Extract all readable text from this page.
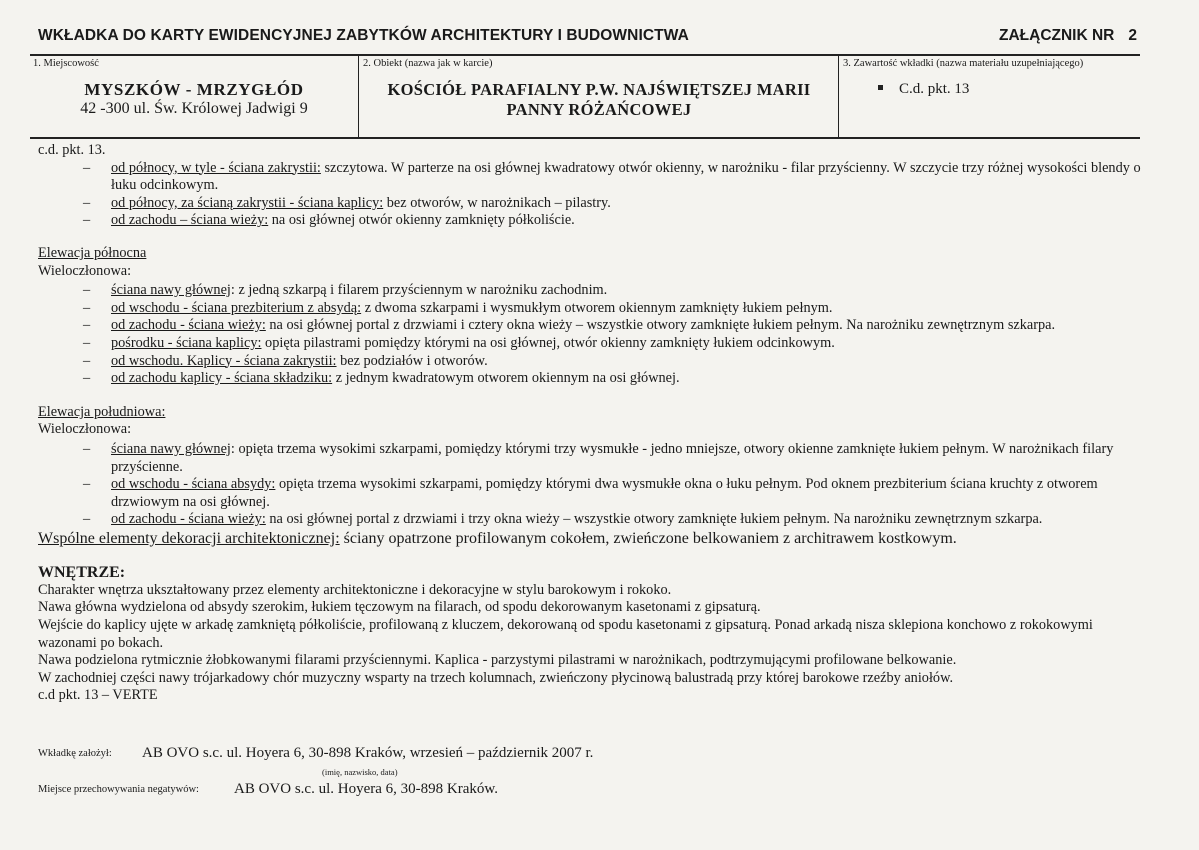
WKŁADKA DO KARTY EWIDENCYJNEJ ZABYTKÓW ARCHITEKTURY I BUDOWNICTWA	ZAŁĄCZNIK NR 2
1. Miejscowość
MYSZKÓW - MRZYGŁÓD
42 -300 ul. Św. Królowej Jadwigi 9
2. Obiekt (nazwa jak w karcie)
KOŚCIÓŁ PARAFIALNY P.W. NAJŚWIĘTSZEJ MARII
PANNY RÓŻAŃCOWEJ
3. Zawartość wkładki (nazwa materiału uzupełniającego)
C.d. pkt. 13

c.d. pkt. 13.

– od północy, w tyle - ściana zakrystii: szczytowa. W parterze na osi głównej kwadratowy otwór okienny, w narożniku - filar przyścienny. W szczycie trzy różnej wysokości blendy o łuku odcinkowym.
– od północy, za ścianą zakrystii - ściana kaplicy: bez otworów, w narożnikach – pilastry.
– od zachodu – ściana wieży: na osi głównej otwór okienny zamknięty półkoliście.

Elewacja północna

Wieloczłonowa:

– ściana nawy głównej: z jedną szkarpą i filarem przyściennym w narożniku zachodnim.
– od wschodu - ściana prezbiterium z absydą: z dwoma szkarpami i wysmukłym otworem okiennym zamknięty łukiem pełnym.
– od zachodu - ściana wieży: na osi głównej portal z drzwiami i cztery okna wieży – wszystkie otwory zamknięte łukiem pełnym. Na narożniku zewnętrznym szkarpa.
– pośrodku - ściana kaplicy: opięta pilastrami pomiędzy którymi na osi głównej, otwór okienny zamknięty łukiem odcinkowym.
– od wschodu. Kaplicy - ściana zakrystii: bez podziałów i otworów.
– od zachodu kaplicy - ściana składziku: z jednym kwadratowym otworem okiennym na osi głównej.

Elewacja południowa:

Wieloczłonowa:

– ściana nawy głównej: opięta trzema wysokimi szkarpami, pomiędzy którymi trzy wysmukłe - jedno mniejsze, otwory okienne zamknięte łukiem pełnym. W narożnikach filary przyścienne.
– od wschodu - ściana absydy: opięta trzema wysokimi szkarpami, pomiędzy którymi dwa wysmukłe okna o łuku pełnym. Pod oknem prezbiterium ściana kruchty z otworem drzwiowym na osi głównej.
– od zachodu - ściana wieży: na osi głównej portal z drzwiami i trzy okna wieży – wszystkie otwory zamknięte łukiem pełnym. Na narożniku zewnętrznym szkarpa.

Wspólne elementy dekoracji architektonicznej: ściany opatrzone profilowanym cokołem, zwieńczone belkowaniem z architrawem kostkowym.

WNĘTRZE:

Charakter wnętrza ukształtowany przez elementy architektoniczne i dekoracyjne w stylu barokowym i rokoko.

Nawa główna wydzielona od absydy szerokim, łukiem tęczowym na filarach, od spodu dekorowanym kasetonami z gipsaturą.

Wejście do kaplicy ujęte w arkadę zamkniętą półkoliście, profilowaną z kluczem, dekorowaną od spodu kasetonami z gipsaturą. Ponad arkadą nisza sklepiona konchowo z rokokowymi wazonami po bokach.

Nawa podzielona rytmicznie żłobkowanymi filarami przyściennymi. Kaplica - parzystymi pilastrami w narożnikach, podtrzymującymi profilowane belkowanie.

W zachodniej części nawy trójarkadowy chór muzyczny wsparty na trzech kolumnach, zwieńczony płycinową balustradą przy której barokowe rzeźby aniołów.

c.d pkt. 13 – VERTE

Wkładkę założył: AB OVO s.c. ul. Hoyera 6, 30-898 Kraków, wrzesień – październik 2007 r.
(imię, nazwisko, data)
Miejsce przechowywania negatywów: AB OVO s.c. ul. Hoyera 6, 30-898 Kraków.
